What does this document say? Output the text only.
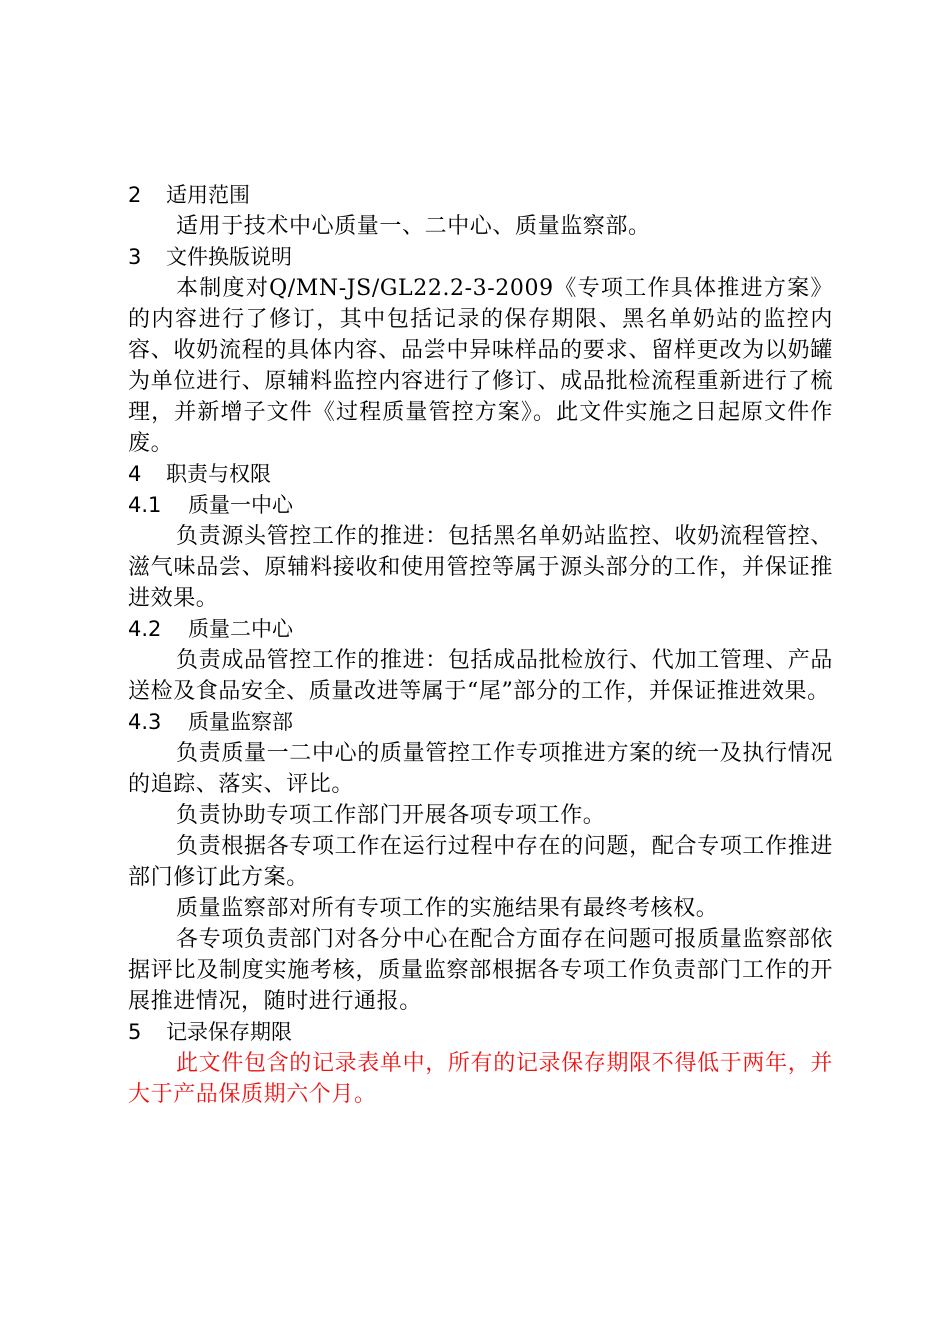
2 适用范围

适用于技术中心质量一、二中心、质量监察部。

3 文件换版说明

本制度对Q/MN-JS/GL22.2-3-2009《专项工作具体推进方案》的内容进行了修订，其中包括记录的保存期限、黑名单奶站的监控内容、收奶流程的具体内容、品尝中异味样品的要求、留样更改为以奶罐为单位进行、原辅料监控内容进行了修订、成品批检流程重新进行了梳理，并新增子文件《过程质量管控方案》。此文件实施之日起原文件作废。

4 职责与权限
4.1 质量一中心

负责源头管控工作的推进：包括黑名单奶站监控、收奶流程管控、滋气味品尝、原辅料接收和使用管控等属于源头部分的工作，并保证推进效果。

4.2 质量二中心

负责成品管控工作的推进：包括成品批检放行、代加工管理、产品送检及食品安全、质量改进等属于“尾”部分的工作，并保证推进效果。

4.3 质量监察部

负责质量一二中心的质量管控工作专项推进方案的统一及执行情况的追踪、落实、评比。

负责协助专项工作部门开展各项专项工作。

负责根据各专项工作在运行过程中存在的问题，配合专项工作推进部门修订此方案。

质量监察部对所有专项工作的实施结果有最终考核权。

各专项负责部门对各分中心在配合方面存在问题可报质量监察部依据评比及制度实施考核，质量监察部根据各专项工作负责部门工作的开展推进情况，随时进行通报。

5 记录保存期限

此文件包含的记录表单中，所有的记录保存期限不得低于两年，并大于产品保质期六个月。
